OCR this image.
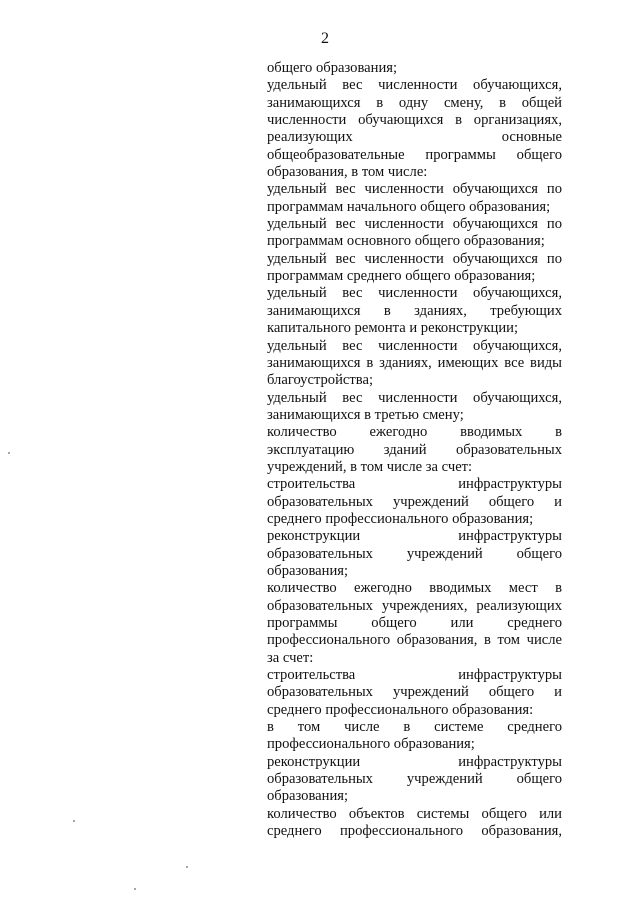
2
общего образования;
удельный вес численности обучающихся,
занимающихся в одну смену, в общей
численности обучающихся в организациях,
реализующих основные
общеобразовательные программы общего
образования, в том числе:
удельный вес численности обучающихся по
программам начального общего образования;
удельный вес численности обучающихся по
программам основного общего образования;
удельный вес численности обучающихся по
программам среднего общего образования;
удельный вес численности обучающихся,
занимающихся в зданиях, требующих
капитального ремонта и реконструкции;
удельный вес численности обучающихся,
занимающихся в зданиях, имеющих все виды
благоустройства;
удельный вес численности обучающихся,
занимающихся в третью смену;
количество ежегодно вводимых в
эксплуатацию зданий образовательных
учреждений, в том числе за счет:
строительства инфраструктуры
образовательных учреждений общего и
среднего профессионального образования;
реконструкции инфраструктуры
образовательных учреждений общего
образования;
количество ежегодно вводимых мест в
образовательных учреждениях, реализующих
программы общего или среднего
профессионального образования, в том числе
за счет:
строительства инфраструктуры
образовательных учреждений общего и
среднего профессионального образования:
в том числе в системе среднего
профессионального образования;
реконструкции инфраструктуры
образовательных учреждений общего
образования;
количество объектов системы общего или
среднего профессионального образования,
